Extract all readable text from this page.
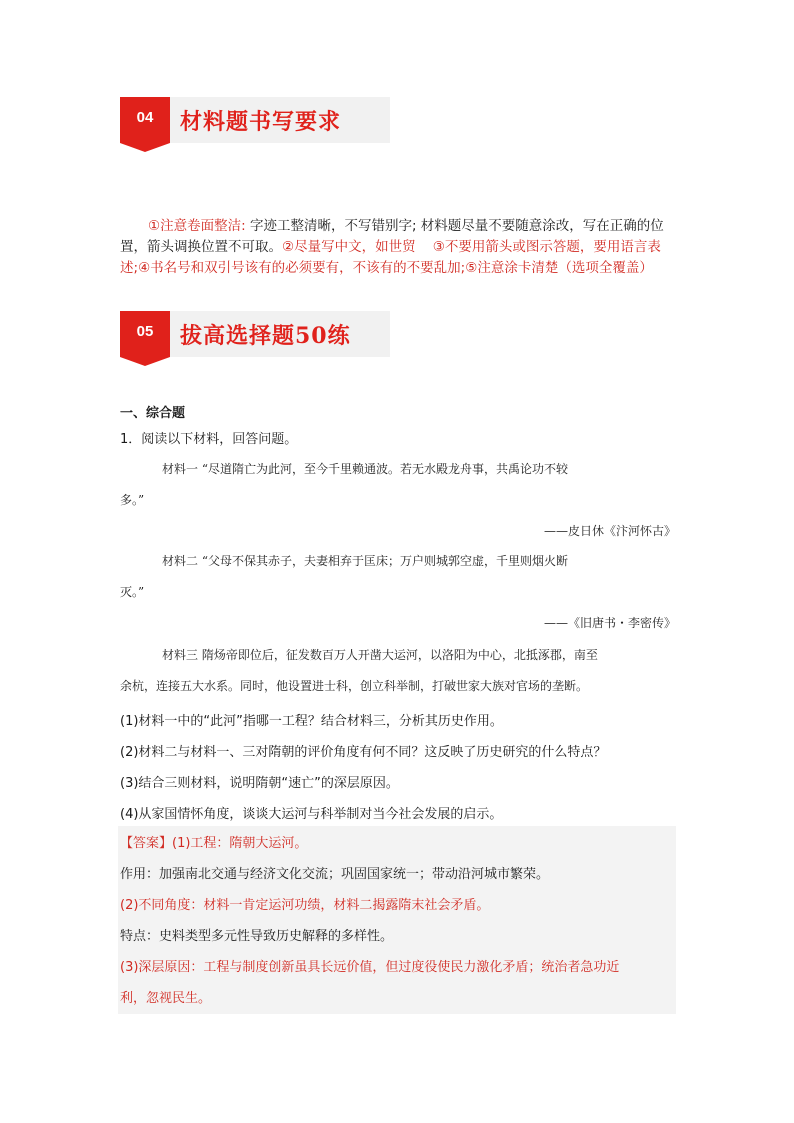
04	材料题书写要求
①注意卷面整洁: 字迹工整清晰，不写错别字; 材料题尽量不要随意涂改，写在正确的位置，箭头调换位置不可取。②尽量写中文，如世贸 ③不要用箭头或图示答题，要用语言表述;④书名号和双引号该有的必须要有，不该有的不要乱加;⑤注意涂卡清楚（选项全覆盖）
05	拔高选择题50练
一、综合题
1．阅读以下材料，回答问题。
材料一 “尽道隋亡为此河，至今千里赖通波。若无水殿龙舟事，共禹论功不较
多。”
——皮日休《汴河怀古》
材料二 “父母不保其赤子，夫妻相弃于匡床；万户则城郭空虚，千里则烟火断
灭。”
——《旧唐书・李密传》
材料三 隋炀帝即位后，征发数百万人开凿大运河，以洛阳为中心，北抵涿郡，南至
余杭，连接五大水系。同时，他设置进士科，创立科举制，打破世家大族对官场的垄断。
(1)材料一中的“此河”指哪一工程？结合材料三，分析其历史作用。
(2)材料二与材料一、三对隋朝的评价角度有何不同？这反映了历史研究的什么特点？
(3)结合三则材料，说明隋朝“速亡”的深层原因。
(4)从家国情怀角度，谈谈大运河与科举制对当今社会发展的启示。
【答案】(1)工程：隋朝大运河。
作用：加强南北交通与经济文化交流；巩固国家统一；带动沿河城市繁荣。
(2)不同角度：材料一肯定运河功绩，材料二揭露隋末社会矛盾。
特点：史料类型多元性导致历史解释的多样性。
(3)深层原因：工程与制度创新虽具长远价值，但过度役使民力激化矛盾；统治者急功近
利，忽视民生。
